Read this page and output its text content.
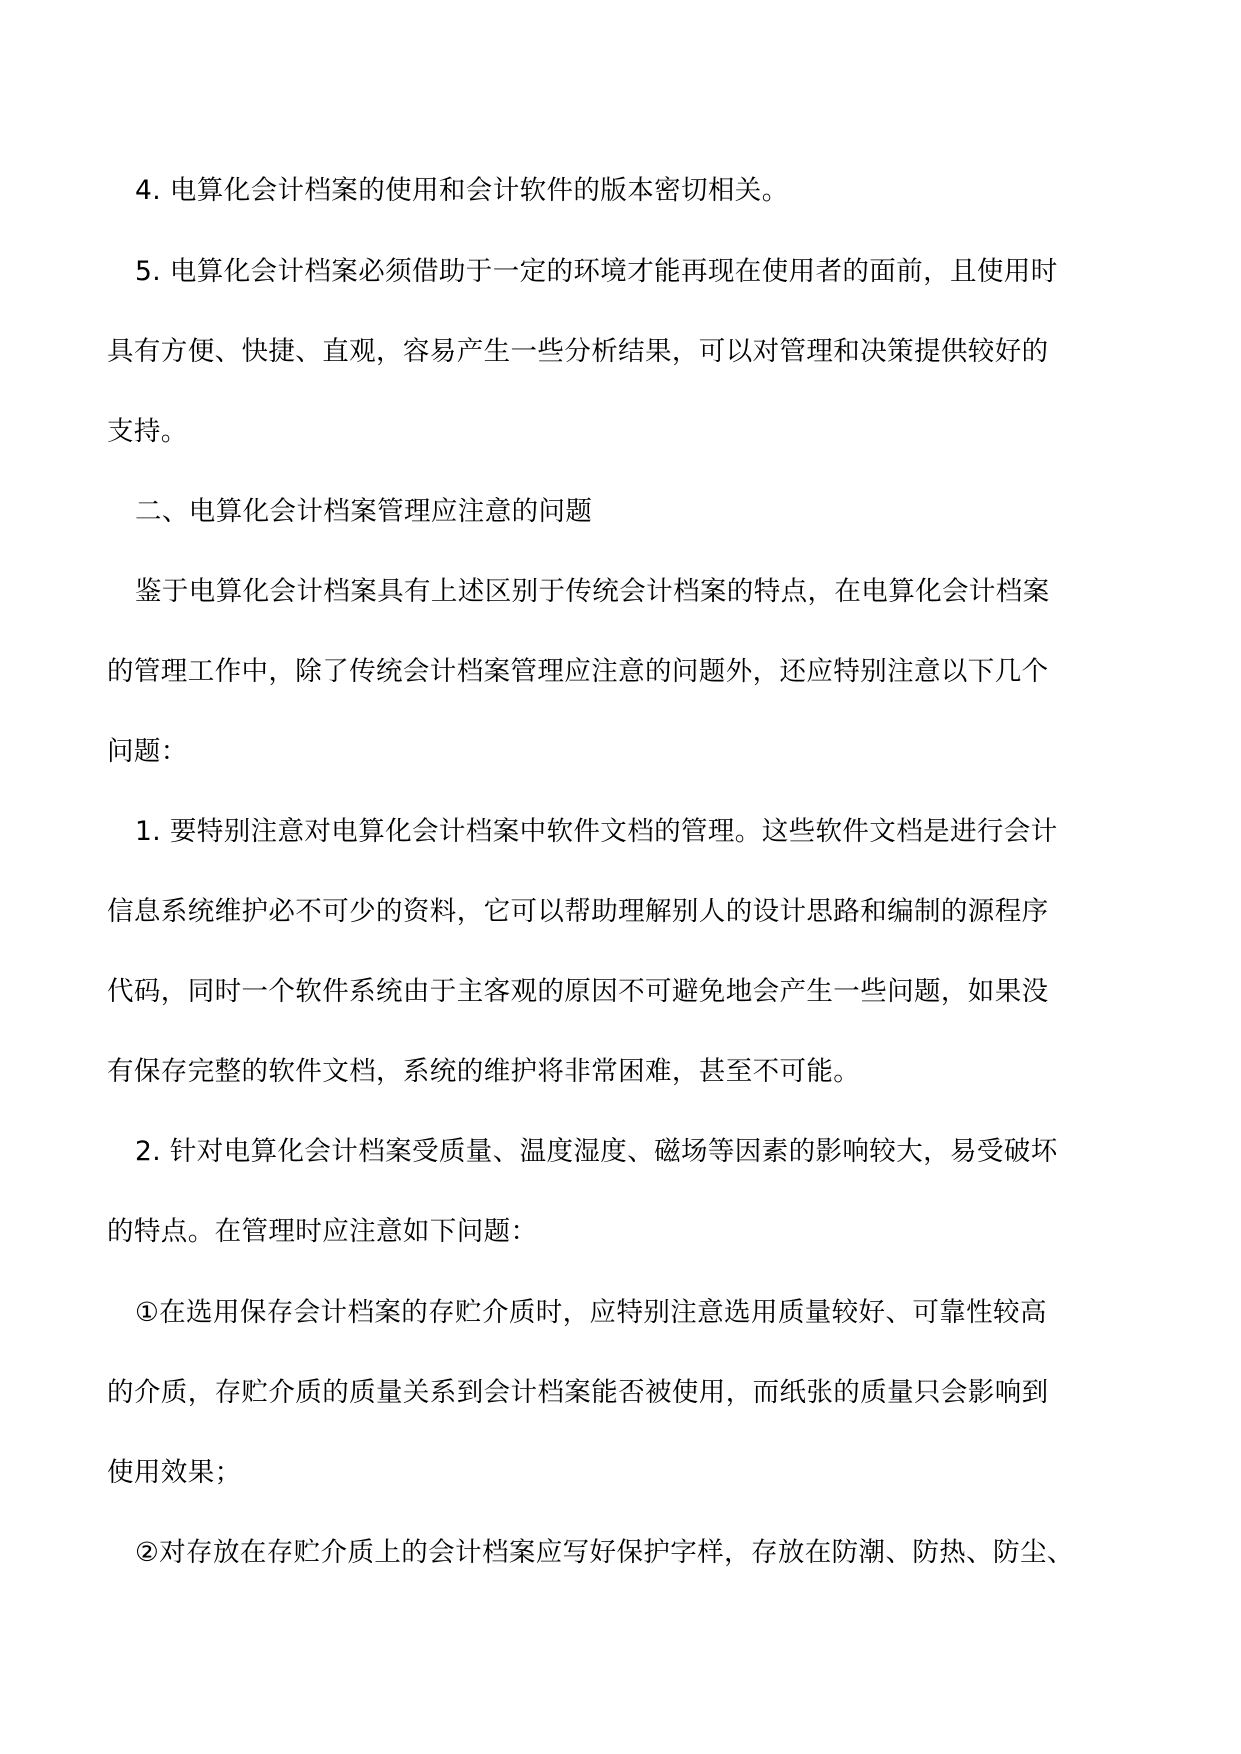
4. 电算化会计档案的使用和会计软件的版本密切相关。
5. 电算化会计档案必须借助于一定的环境才能再现在使用者的面前，且使用时
具有方便、快捷、直观，容易产生一些分析结果，可以对管理和决策提供较好的
支持。
二、电算化会计档案管理应注意的问题
鉴于电算化会计档案具有上述区别于传统会计档案的特点，在电算化会计档案
的管理工作中，除了传统会计档案管理应注意的问题外，还应特别注意以下几个
问题：
1. 要特别注意对电算化会计档案中软件文档的管理。这些软件文档是进行会计
信息系统维护必不可少的资料，它可以帮助理解别人的设计思路和编制的源程序
代码，同时一个软件系统由于主客观的原因不可避免地会产生一些问题，如果没
有保存完整的软件文档，系统的维护将非常困难，甚至不可能。
2. 针对电算化会计档案受质量、温度湿度、磁场等因素的影响较大，易受破坏
的特点。在管理时应注意如下问题：
①在选用保存会计档案的存贮介质时，应特别注意选用质量较好、可靠性较高
的介质，存贮介质的质量关系到会计档案能否被使用，而纸张的质量只会影响到
使用效果；
②对存放在存贮介质上的会计档案应写好保护字样，存放在防潮、防热、防尘、
